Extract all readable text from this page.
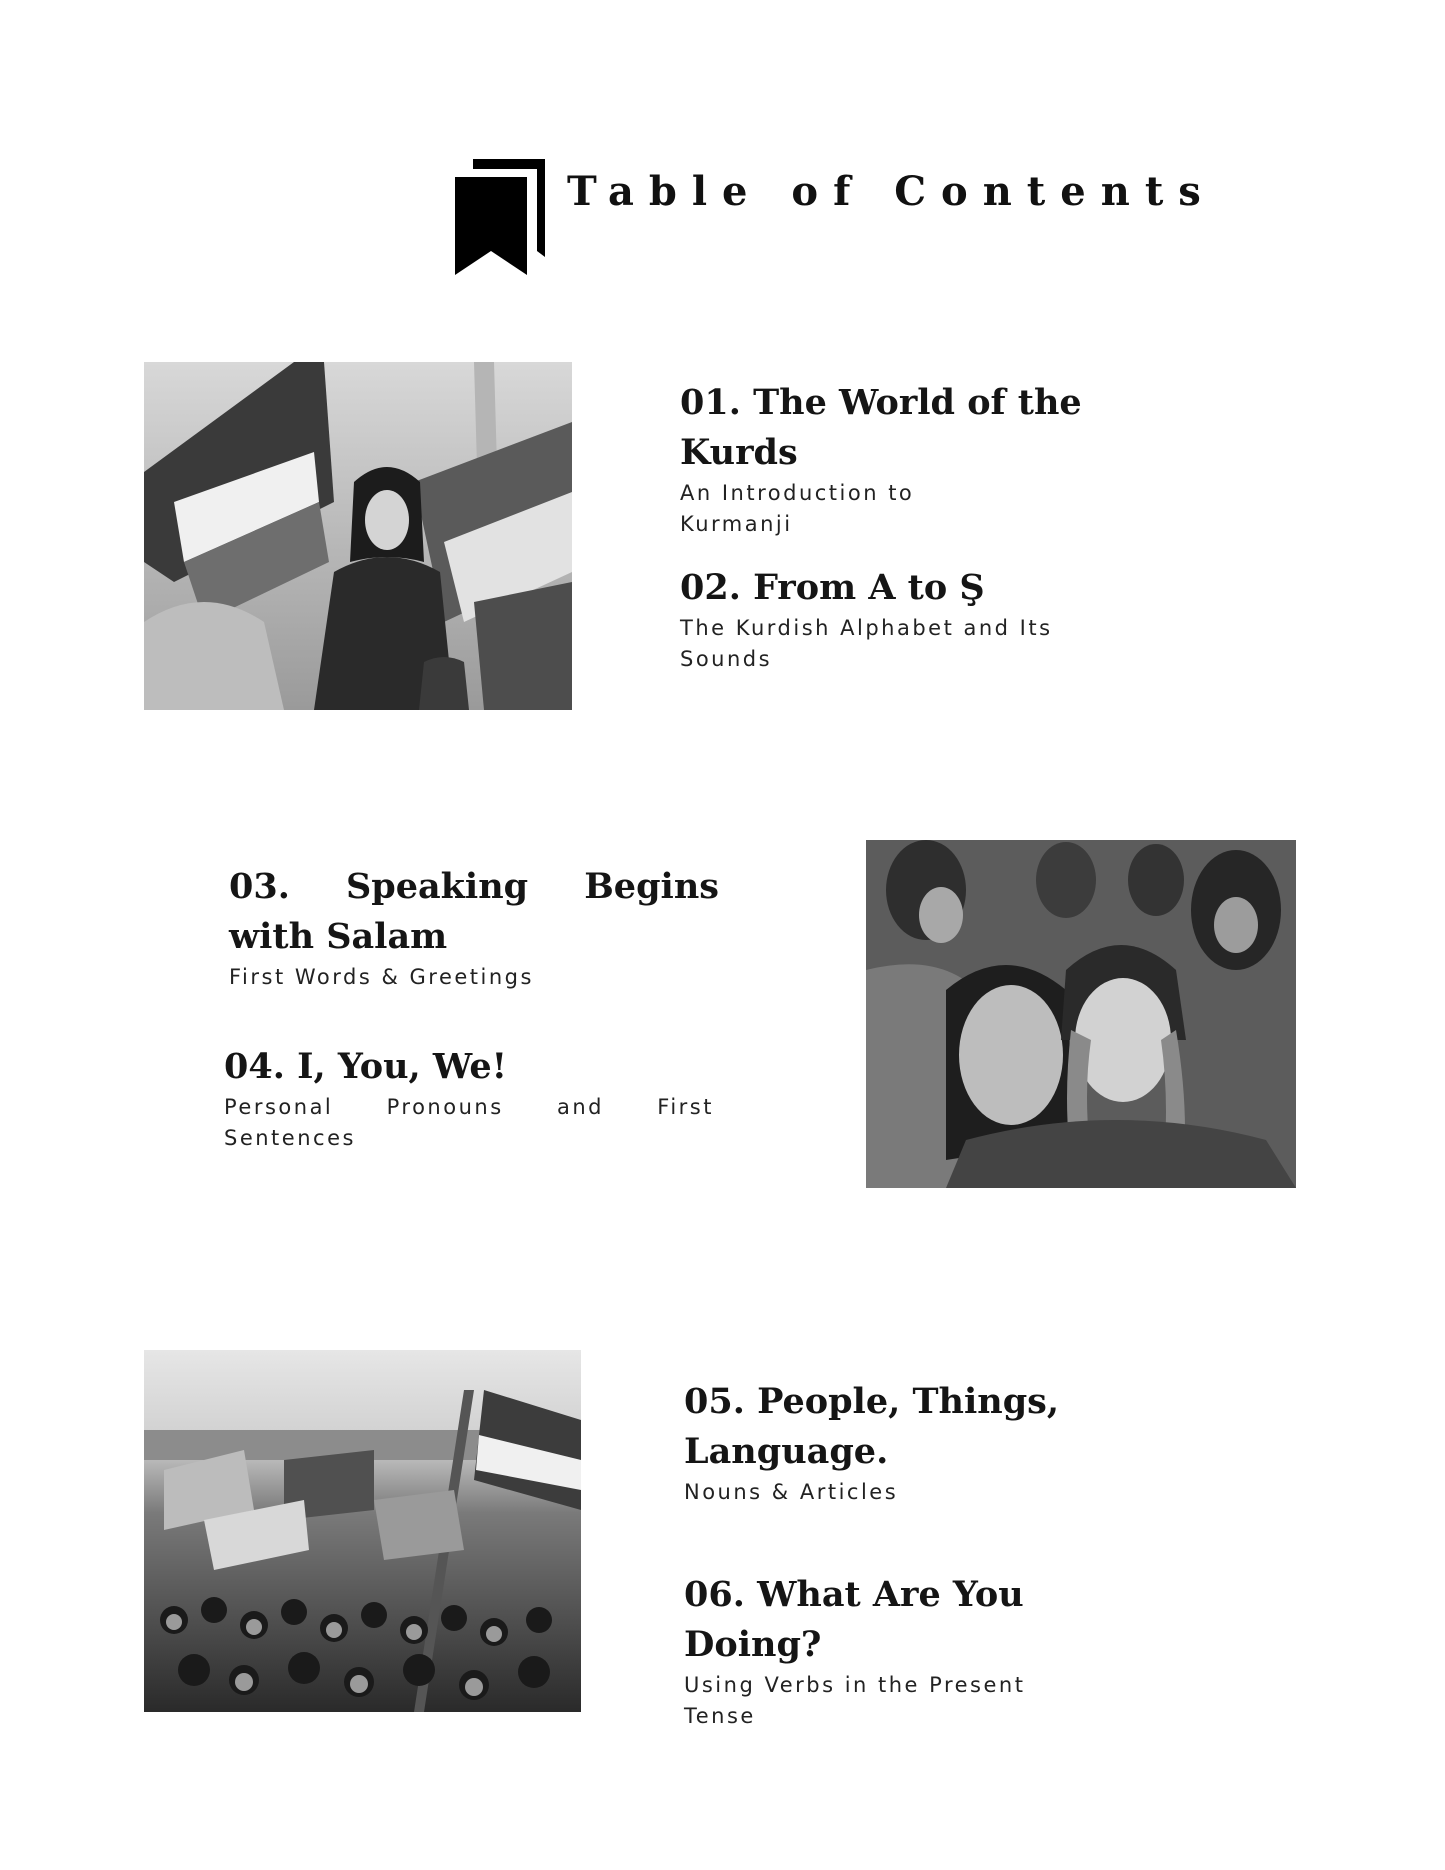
Table of Contents
01. The World of the Kurds

An Introduction to Kurmanji

02. From A to Ş

The Kurdish Alphabet and Its Sounds

03. Speaking Begins with Salam

First Words & Greetings

04. I, You, We!

Personal Pronouns and First Sentences

05. People, Things, Language.

Nouns & Articles

06. What Are You Doing?

Using Verbs in the Present Tense
